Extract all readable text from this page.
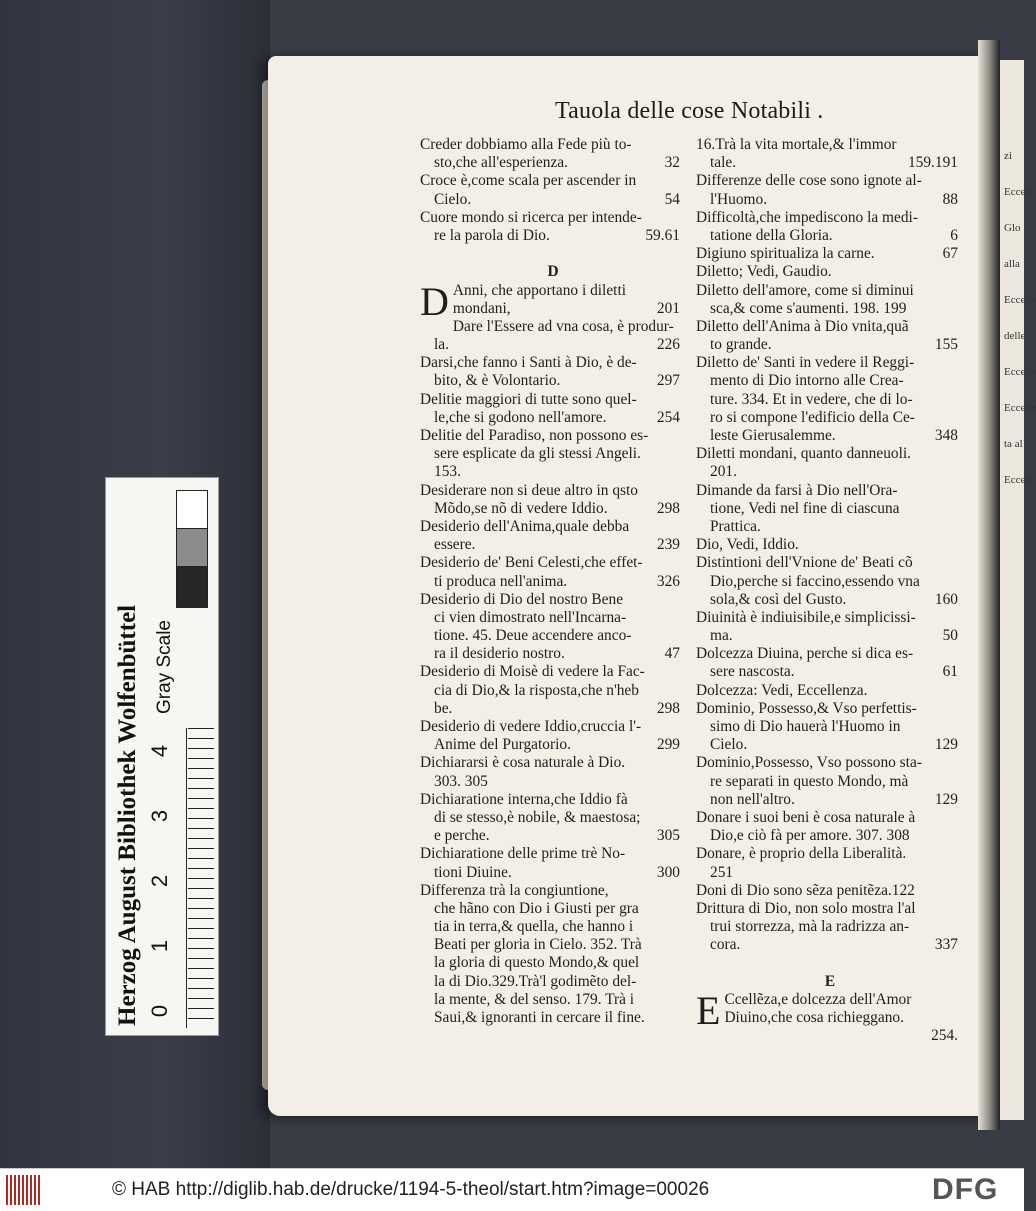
Herzog August Bibliothek Wolfenbüttel Gray Scale
0
1
2
3
4
zi
Eccell
Glo
alla
Eccelle
delle
Eccelle
Eccelle
ta al
Eccell
Tauola delle cose Notabili .
Creder dobbiamo alla Fede più to-
sto,che all'esperienza.	32
Croce è,come scala per ascender in
Cielo.	54
Cuore mondo si ricerca per intende-
re la parola di Dio.	59.61
D
D Anni, che apportano i diletti
mondani,	201
Dare l'Essere ad vna cosa, è produr-
la.	226
Darsi,che fanno i Santi à Dio, è de-
bito, & è Volontario.	297
Delitie maggiori di tutte sono quel-
le,che si godono nell'amore.	254
Delitie del Paradiso, non possono es-
sere esplicate da gli stessi Angeli.
153.
Desiderare non si deue altro in qsto
Mõdo,se nõ di vedere Iddio.	298
Desiderio dell'Anima,quale debba
essere.	239
Desiderio de' Beni Celesti,che effet-
ti produca nell'anima.	326
Desiderio di Dio del nostro Bene
ci vien dimostrato nell'Incarna-
tione. 45. Deue accendere anco-
ra il desiderio nostro.	47
Desiderio di Moisè di vedere la Fac-
cia di Dio,& la risposta,che n'heb
be.	298
Desiderio di vedere Iddio,cruccia l'-
Anime del Purgatorio.	299
Dichiararsi è cosa naturale à Dio.
303. 305
Dichiaratione interna,che Iddio fà
di se stesso,è nobile, & maestosa;
e perche.	305
Dichiaratione delle prime trè No-
tioni Diuine.	300
Differenza trà la congiuntione,
che hãno con Dio i Giusti per gra
tia in terra,& quella, che hanno i
Beati per gloria in Cielo. 352. Trà
la gloria di questo Mondo,& quel
la di Dio.329.Trà'l godimẽto del-
la mente, & del senso. 179. Trà i
Saui,& ignoranti in cercare il fine.
16.Trà la vita mortale,& l'immor
tale.	159.191
Differenze delle cose sono ignote al-
l'Huomo.	88
Difficoltà,che impediscono la medi-
tatione della Gloria.	6
Digiuno spiritualiza la carne.	67
Diletto; Vedi, Gaudio.
Diletto dell'amore, come si diminui
sca,& come s'aumenti. 198. 199
Diletto dell'Anima à Dio vnita,quã
to grande.	155
Diletto de' Santi in vedere il Reggi-
mento di Dio intorno alle Crea-
ture. 334. Et in vedere, che di lo-
ro si compone l'edificio della Ce-
leste Gierusalemme.	348
Diletti mondani, quanto danneuoli.
201.
Dimande da farsi à Dio nell'Ora-
tione, Vedi nel fine di ciascuna
Prattica.
Dio, Vedi, Iddio.
Distintioni dell'Vnione de' Beati cõ
Dio,perche si faccino,essendo vna
sola,& così del Gusto.	160
Diuinità è indiuisibile,e simplicissi-
ma.	50
Dolcezza Diuina, perche si dica es-
sere nascosta.	61
Dolcezza: Vedi, Eccellenza.
Dominio, Possesso,& Vso perfettis-
simo di Dio hauerà l'Huomo in
Cielo.	129
Dominio,Possesso, Vso possono sta-
re separati in questo Mondo, mà
non nell'altro.	129
Donare i suoi beni è cosa naturale à
Dio,e ciò fà per amore. 307. 308
Donare, è proprio della Liberalità.
251
Doni di Dio sono sẽza penitẽza.122
Drittura di Dio, non solo mostra l'al
trui storrezza, mà la radrizza an-
cora.	337
E
E Ccellẽza,e dolcezza dell'Amor
Diuino,che cosa richieggano.
254.
© HAB http://diglib.hab.de/drucke/1194-5-theol/start.htm?image=00026	DFG
